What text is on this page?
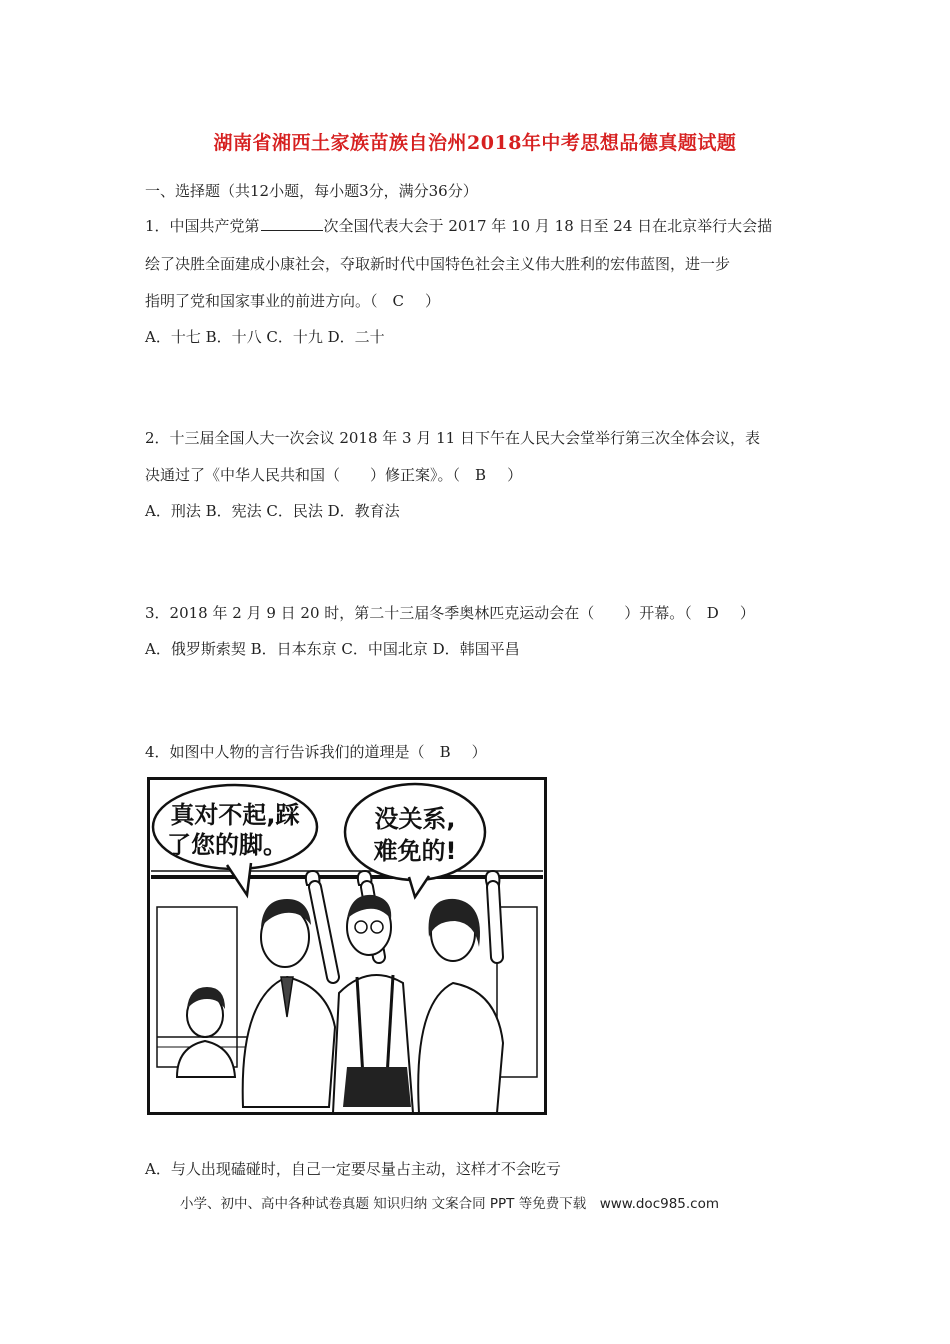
湖南省湘西土家族苗族自治州2018年中考思想品德真题试题
一、选择题（共12小题，每小题3分，满分36分）
1．中国共产党第	次全国代表大会于 2017 年 10 月 18 日至 24 日在北京举行大会描
绘了决胜全面建成小康社会，夺取新时代中国特色社会主义伟大胜利的宏伟蓝图，进一步
指明了党和国家事业的前进方向。（　 C　 ）
A．十七 B．十八 C．十九 D．二十
2．十三届全国人大一次会议 2018 年 3 月 11 日下午在人民大会堂举行第三次全体会议，表
决通过了《中华人民共和国（　　）修正案》。（　 B　 ）
A．刑法 B．宪法 C．民法 D．教育法
3．2018 年 2 月 9 日 20 时，第二十三届冬季奥林匹克运动会在（　　）开幕。（　 D　 ）
A．俄罗斯索契 B．日本东京 C．中国北京 D．韩国平昌
4．如图中人物的言行告诉我们的道理是（　 B　 ）
真对不起,踩
了您的脚。
没关系,
难免的!
A．与人出现磕碰时，自己一定要尽量占主动，这样才不会吃亏
小学、初中、高中各种试卷真题 知识归纳 文案合同 PPT 等免费下载　www.doc985.com
